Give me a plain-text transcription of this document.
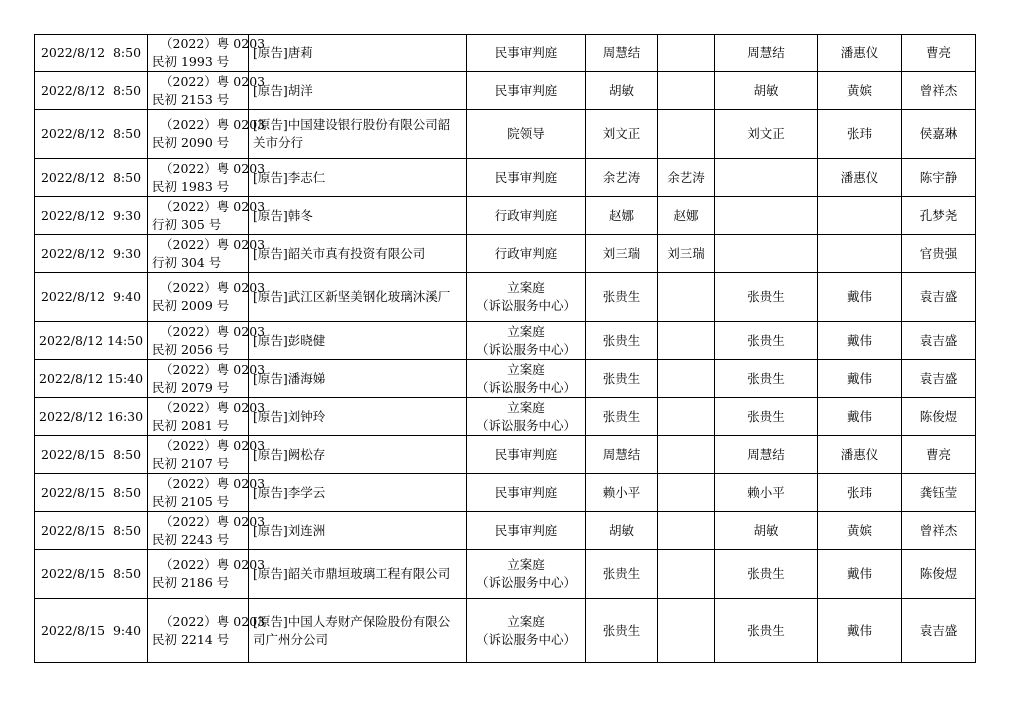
2022/8/12  8:50	（2022）粤 0203
民初 1993 号	[原告]唐莉	民事审判庭	周慧结		周慧结	潘惠仪	曹亮
2022/8/12  8:50	（2022）粤 0203
民初 2153 号	[原告]胡洋	民事审判庭	胡敏		胡敏	黄嫔	曾祥杰
2022/8/12  8:50	（2022）粤 0203
民初 2090 号	[原告]中国建设银行股份有限公司韶关市分行	院领导	刘文正		刘文正	张玮	侯嘉琳
2022/8/12  8:50	（2022）粤 0203
民初 1983 号	[原告]李志仁	民事审判庭	余艺涛	余艺涛		潘惠仪	陈宇静
2022/8/12  9:30	（2022）粤 0203
行初 305 号	[原告]韩冬	行政审判庭	赵娜	赵娜			孔梦尧
2022/8/12  9:30	（2022）粤 0203
行初 304 号	[原告]韶关市真有投资有限公司	行政审判庭	刘三瑞	刘三瑞			官贵强
2022/8/12  9:40	（2022）粤 0203
民初 2009 号	[原告]武江区新坚美钢化玻璃沐溪厂	立案庭
（诉讼服务中心）	张贵生		张贵生	戴伟	袁吉盛
2022/8/12 14:50	（2022）粤 0203
民初 2056 号	[原告]彭晓健	立案庭
（诉讼服务中心）	张贵生		张贵生	戴伟	袁吉盛
2022/8/12 15:40	（2022）粤 0203
民初 2079 号	[原告]潘海娣	立案庭
（诉讼服务中心）	张贵生		张贵生	戴伟	袁吉盛
2022/8/12 16:30	（2022）粤 0203
民初 2081 号	[原告]刘钟玲	立案庭
（诉讼服务中心）	张贵生		张贵生	戴伟	陈俊煜
2022/8/15  8:50	（2022）粤 0203
民初 2107 号	[原告]阙松存	民事审判庭	周慧结		周慧结	潘惠仪	曹亮
2022/8/15  8:50	（2022）粤 0203
民初 2105 号	[原告]李学云	民事审判庭	赖小平		赖小平	张玮	龚钰莹
2022/8/15  8:50	（2022）粤 0203
民初 2243 号	[原告]刘连洲	民事审判庭	胡敏		胡敏	黄嫔	曾祥杰
2022/8/15  8:50	（2022）粤 0203
民初 2186 号	[原告]韶关市鼎垣玻璃工程有限公司	立案庭
（诉讼服务中心）	张贵生		张贵生	戴伟	陈俊煜
2022/8/15  9:40	（2022）粤 0203
民初 2214 号	[原告]中国人寿财产保险股份有限公司广州分公司	立案庭
（诉讼服务中心）	张贵生		张贵生	戴伟	袁吉盛
